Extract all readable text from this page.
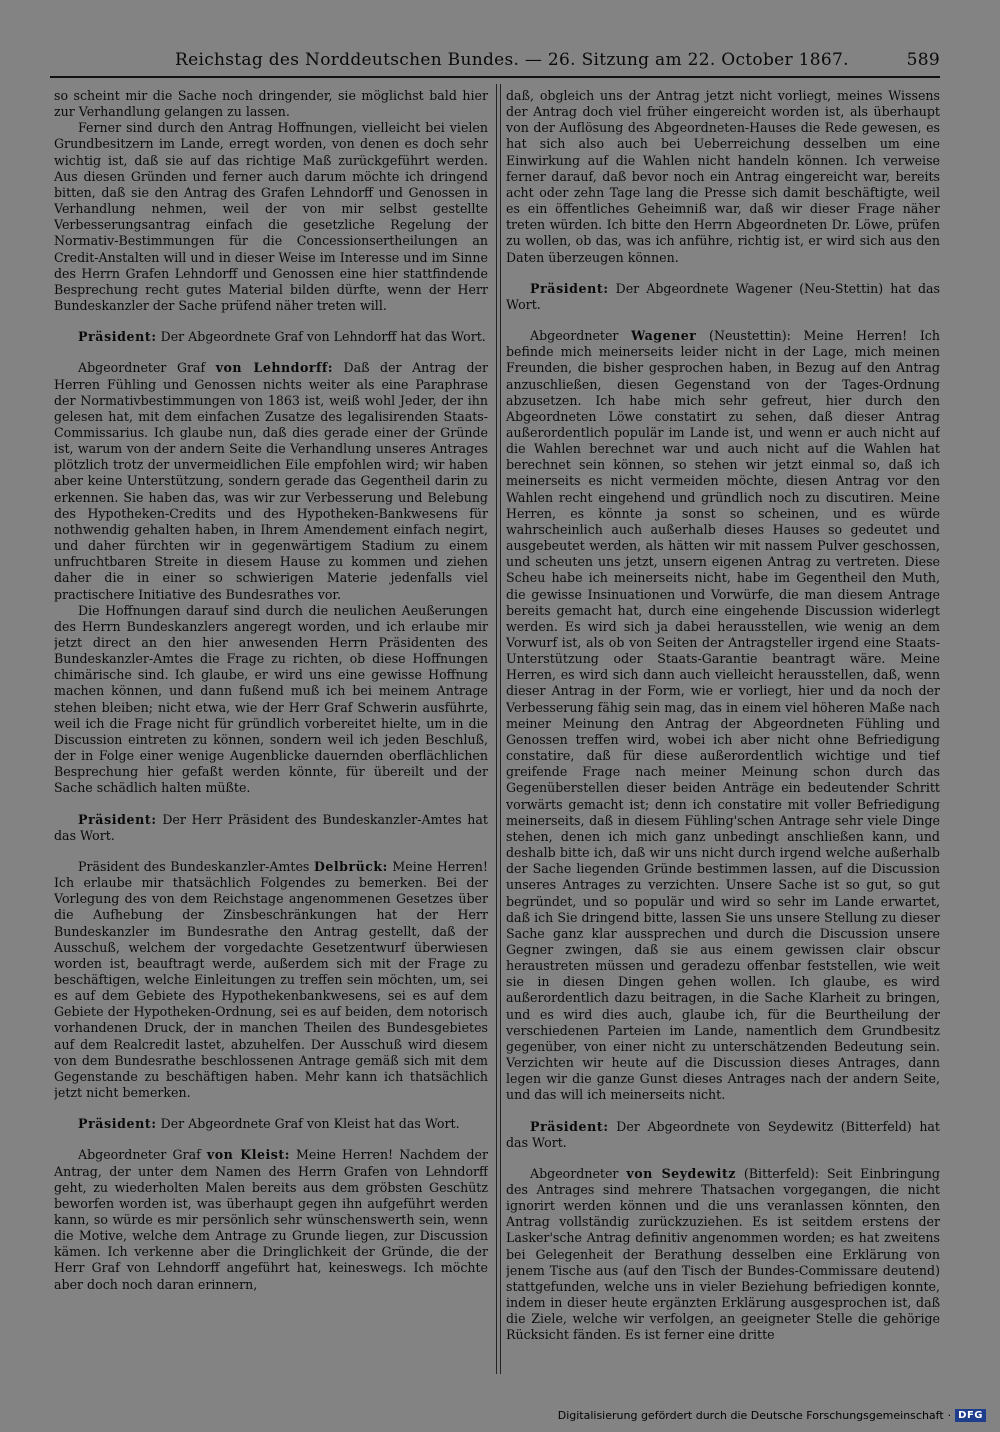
Reichstag des Norddeutschen Bundes. — 26. Sitzung am 22. October 1867.	589

so scheint mir die Sache noch dringender, sie möglichst bald hier zur Verhandlung gelangen zu lassen.

Ferner sind durch den Antrag Hoffnungen, vielleicht bei vielen Grundbesitzern im Lande, erregt worden, von denen es doch sehr wichtig ist, daß sie auf das richtige Maß zurückgeführt werden. Aus diesen Gründen und ferner auch darum möchte ich dringend bitten, daß sie den Antrag des Grafen Lehndorff und Genossen in Verhandlung nehmen, weil der von mir selbst gestellte Verbesserungsantrag einfach die gesetzliche Regelung der Normativ-Bestimmungen für die Concessionsertheilungen an Credit-Anstalten will und in dieser Weise im Interesse und im Sinne des Herrn Grafen Lehndorff und Genossen eine hier stattfindende Besprechung recht gutes Material bilden dürfte, wenn der Herr Bundeskanzler der Sache prüfend näher treten will.

Präsident: Der Abgeordnete Graf von Lehndorff hat das Wort.

Abgeordneter Graf von Lehndorff: Daß der Antrag der Herren Fühling und Genossen nichts weiter als eine Paraphrase der Normativbestimmungen von 1863 ist, weiß wohl Jeder, der ihn gelesen hat, mit dem einfachen Zusatze des legalisirenden Staats-Commissarius. Ich glaube nun, daß dies gerade einer der Gründe ist, warum von der andern Seite die Verhandlung unseres Antrages plötzlich trotz der unvermeidlichen Eile empfohlen wird; wir haben aber keine Unterstützung, sondern gerade das Gegentheil darin zu erkennen. Sie haben das, was wir zur Verbesserung und Belebung des Hypotheken-Credits und des Hypotheken-Bankwesens für nothwendig gehalten haben, in Ihrem Amendement einfach negirt, und daher fürchten wir in gegenwärtigem Stadium zu einem unfruchtbaren Streite in diesem Hause zu kommen und ziehen daher die in einer so schwierigen Materie jedenfalls viel practischere Initiative des Bundesrathes vor.

Die Hoffnungen darauf sind durch die neulichen Aeußerungen des Herrn Bundeskanzlers angeregt worden, und ich erlaube mir jetzt direct an den hier anwesenden Herrn Präsidenten des Bundeskanzler-Amtes die Frage zu richten, ob diese Hoffnungen chimärische sind. Ich glaube, er wird uns eine gewisse Hoffnung machen können, und dann fußend muß ich bei meinem Antrage stehen bleiben; nicht etwa, wie der Herr Graf Schwerin ausführte, weil ich die Frage nicht für gründlich vorbereitet hielte, um in die Discussion eintreten zu können, sondern weil ich jeden Beschluß, der in Folge einer wenige Augenblicke dauernden oberflächlichen Besprechung hier gefaßt werden könnte, für übereilt und der Sache schädlich halten müßte.

Präsident: Der Herr Präsident des Bundeskanzler-Amtes hat das Wort.

Präsident des Bundeskanzler-Amtes Delbrück: Meine Herren! Ich erlaube mir thatsächlich Folgendes zu bemerken. Bei der Vorlegung des von dem Reichstage angenommenen Gesetzes über die Aufhebung der Zinsbeschränkungen hat der Herr Bundeskanzler im Bundesrathe den Antrag gestellt, daß der Ausschuß, welchem der vorgedachte Gesetzentwurf überwiesen worden ist, beauftragt werde, außerdem sich mit der Frage zu beschäftigen, welche Einleitungen zu treffen sein möchten, um, sei es auf dem Gebiete des Hypothekenbankwesens, sei es auf dem Gebiete der Hypotheken-Ordnung, sei es auf beiden, dem notorisch vorhandenen Druck, der in manchen Theilen des Bundesgebietes auf dem Realcredit lastet, abzuhelfen. Der Ausschuß wird diesem von dem Bundesrathe beschlossenen Antrage gemäß sich mit dem Gegenstande zu beschäftigen haben. Mehr kann ich thatsächlich jetzt nicht bemerken.

Präsident: Der Abgeordnete Graf von Kleist hat das Wort.

Abgeordneter Graf von Kleist: Meine Herren! Nachdem der Antrag, der unter dem Namen des Herrn Grafen von Lehndorff geht, zu wiederholten Malen bereits aus dem gröbsten Geschütz beworfen worden ist, was überhaupt gegen ihn aufgeführt werden kann, so würde es mir persönlich sehr wünschenswerth sein, wenn die Motive, welche dem Antrage zu Grunde liegen, zur Discussion kämen. Ich verkenne aber die Dringlichkeit der Gründe, die der Herr Graf von Lehndorff angeführt hat, keineswegs. Ich möchte aber doch noch daran erinnern,

daß, obgleich uns der Antrag jetzt nicht vorliegt, meines Wissens der Antrag doch viel früher eingereicht worden ist, als überhaupt von der Auflösung des Abgeordneten-Hauses die Rede gewesen, es hat sich also auch bei Ueberreichung desselben um eine Einwirkung auf die Wahlen nicht handeln können. Ich verweise ferner darauf, daß bevor noch ein Antrag eingereicht war, bereits acht oder zehn Tage lang die Presse sich damit beschäftigte, weil es ein öffentliches Geheimniß war, daß wir dieser Frage näher treten würden. Ich bitte den Herrn Abgeordneten Dr. Löwe, prüfen zu wollen, ob das, was ich anführe, richtig ist, er wird sich aus den Daten überzeugen können.

Präsident: Der Abgeordnete Wagener (Neu-Stettin) hat das Wort.

Abgeordneter Wagener (Neustettin): Meine Herren! Ich befinde mich meinerseits leider nicht in der Lage, mich meinen Freunden, die bisher gesprochen haben, in Bezug auf den Antrag anzuschließen, diesen Gegenstand von der Tages-Ordnung abzusetzen. Ich habe mich sehr gefreut, hier durch den Abgeordneten Löwe constatirt zu sehen, daß dieser Antrag außerordentlich populär im Lande ist, und wenn er auch nicht auf die Wahlen berechnet war und auch nicht auf die Wahlen hat berechnet sein können, so stehen wir jetzt einmal so, daß ich meinerseits es nicht vermeiden möchte, diesen Antrag vor den Wahlen recht eingehend und gründlich noch zu discutiren. Meine Herren, es könnte ja sonst so scheinen, und es würde wahrscheinlich auch außerhalb dieses Hauses so gedeutet und ausgebeutet werden, als hätten wir mit nassem Pulver geschossen, und scheuten uns jetzt, unsern eigenen Antrag zu vertreten. Diese Scheu habe ich meinerseits nicht, habe im Gegentheil den Muth, die gewisse Insinuationen und Vorwürfe, die man diesem Antrage bereits gemacht hat, durch eine eingehende Discussion widerlegt werden. Es wird sich ja dabei herausstellen, wie wenig an dem Vorwurf ist, als ob von Seiten der Antragsteller irgend eine Staats-Unterstützung oder Staats-Garantie beantragt wäre. Meine Herren, es wird sich dann auch vielleicht herausstellen, daß, wenn dieser Antrag in der Form, wie er vorliegt, hier und da noch der Verbesserung fähig sein mag, das in einem viel höheren Maße nach meiner Meinung den Antrag der Abgeordneten Fühling und Genossen treffen wird, wobei ich aber nicht ohne Befriedigung constatire, daß für diese außerordentlich wichtige und tief greifende Frage nach meiner Meinung schon durch das Gegenüberstellen dieser beiden Anträge ein bedeutender Schritt vorwärts gemacht ist; denn ich constatire mit voller Befriedigung meinerseits, daß in diesem Fühling'schen Antrage sehr viele Dinge stehen, denen ich mich ganz unbedingt anschließen kann, und deshalb bitte ich, daß wir uns nicht durch irgend welche außerhalb der Sache liegenden Gründe bestimmen lassen, auf die Discussion unseres Antrages zu verzichten. Unsere Sache ist so gut, so gut begründet, und so populär und wird so sehr im Lande erwartet, daß ich Sie dringend bitte, lassen Sie uns unsere Stellung zu dieser Sache ganz klar aussprechen und durch die Discussion unsere Gegner zwingen, daß sie aus einem gewissen clair obscur heraustreten müssen und geradezu offenbar feststellen, wie weit sie in diesen Dingen gehen wollen. Ich glaube, es wird außerordentlich dazu beitragen, in die Sache Klarheit zu bringen, und es wird dies auch, glaube ich, für die Beurtheilung der verschiedenen Parteien im Lande, namentlich dem Grundbesitz gegenüber, von einer nicht zu unterschätzenden Bedeutung sein. Verzichten wir heute auf die Discussion dieses Antrages, dann legen wir die ganze Gunst dieses Antrages nach der andern Seite, und das will ich meinerseits nicht.

Präsident: Der Abgeordnete von Seydewitz (Bitterfeld) hat das Wort.

Abgeordneter von Seydewitz (Bitterfeld): Seit Einbringung des Antrages sind mehrere Thatsachen vorgegangen, die nicht ignorirt werden können und die uns veranlassen könnten, den Antrag vollständig zurückzuziehen. Es ist seitdem erstens der Lasker'sche Antrag definitiv angenommen worden; es hat zweitens bei Gelegenheit der Berathung desselben eine Erklärung von jenem Tische aus (auf den Tisch der Bundes-Commissare deutend) stattgefunden, welche uns in vieler Beziehung befriedigen konnte, indem in dieser heute ergänzten Erklärung ausgesprochen ist, daß die Ziele, welche wir verfolgen, an geeigneter Stelle die gehörige Rücksicht fänden. Es ist ferner eine dritte

Digitalisierung gefördert durch die Deutsche Forschungsgemeinschaft · DFG
